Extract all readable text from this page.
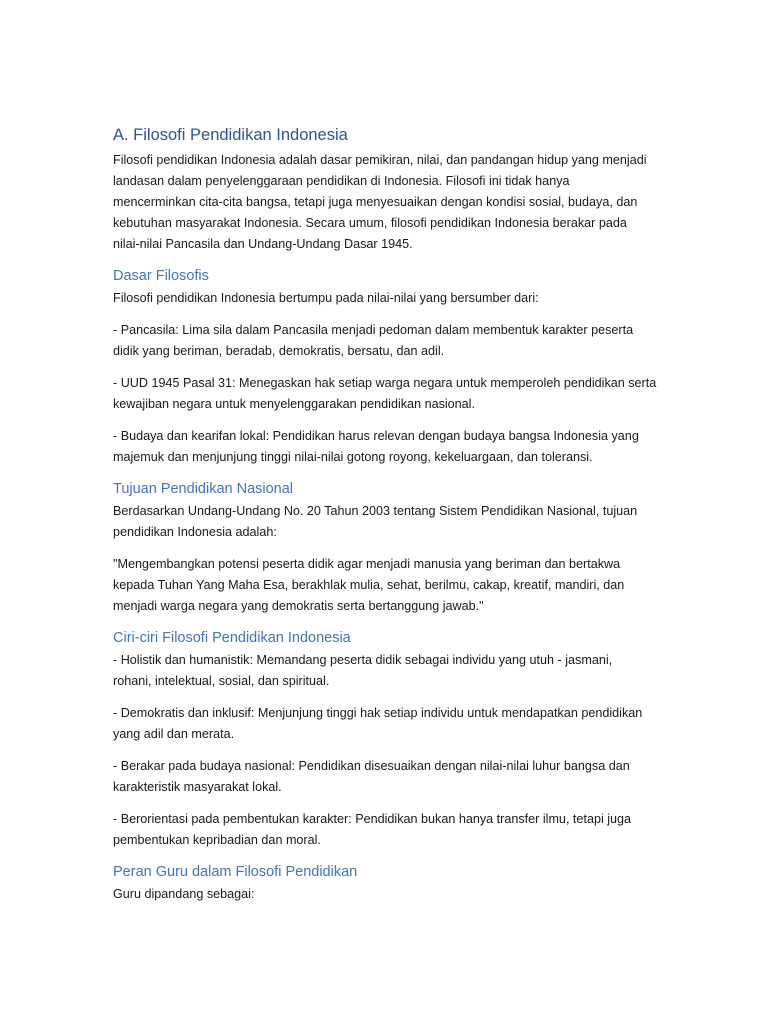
A. Filosofi Pendidikan Indonesia

Filosofi pendidikan Indonesia adalah dasar pemikiran, nilai, dan pandangan hidup yang menjadi
landasan dalam penyelenggaraan pendidikan di Indonesia. Filosofi ini tidak hanya
mencerminkan cita-cita bangsa, tetapi juga menyesuaikan dengan kondisi sosial, budaya, dan
kebutuhan masyarakat Indonesia. Secara umum, filosofi pendidikan Indonesia berakar pada
nilai-nilai Pancasila dan Undang-Undang Dasar 1945.

Dasar Filosofis

Filosofi pendidikan Indonesia bertumpu pada nilai-nilai yang bersumber dari:

- Pancasila: Lima sila dalam Pancasila menjadi pedoman dalam membentuk karakter peserta
didik yang beriman, beradab, demokratis, bersatu, dan adil.

- UUD 1945 Pasal 31: Menegaskan hak setiap warga negara untuk memperoleh pendidikan serta
kewajiban negara untuk menyelenggarakan pendidikan nasional.

- Budaya dan kearifan lokal: Pendidikan harus relevan dengan budaya bangsa Indonesia yang
majemuk dan menjunjung tinggi nilai-nilai gotong royong, kekeluargaan, dan toleransi.

Tujuan Pendidikan Nasional

Berdasarkan Undang-Undang No. 20 Tahun 2003 tentang Sistem Pendidikan Nasional, tujuan
pendidikan Indonesia adalah:

"Mengembangkan potensi peserta didik agar menjadi manusia yang beriman dan bertakwa
kepada Tuhan Yang Maha Esa, berakhlak mulia, sehat, berilmu, cakap, kreatif, mandiri, dan
menjadi warga negara yang demokratis serta bertanggung jawab."

Ciri-ciri Filosofi Pendidikan Indonesia

- Holistik dan humanistik: Memandang peserta didik sebagai individu yang utuh - jasmani,
rohani, intelektual, sosial, dan spiritual.

- Demokratis dan inklusif: Menjunjung tinggi hak setiap individu untuk mendapatkan pendidikan
yang adil dan merata.

- Berakar pada budaya nasional: Pendidikan disesuaikan dengan nilai-nilai luhur bangsa dan
karakteristik masyarakat lokal.

- Berorientasi pada pembentukan karakter: Pendidikan bukan hanya transfer ilmu, tetapi juga
pembentukan kepribadian dan moral.

Peran Guru dalam Filosofi Pendidikan

Guru dipandang sebagai:
